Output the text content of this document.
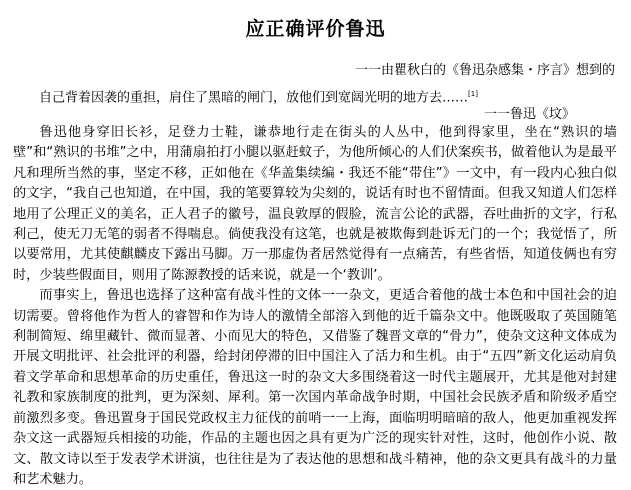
应正确评价鲁迅
一一由瞿秋白的《鲁迅杂感集・序言》想到的
自己背着因袭的重担，肩住了黑暗的闸门，放他们到宽阔光明的地方去……[1]
一一鲁迅《坟》

鲁迅他身穿旧长衫，足登力士鞋，谦恭地行走在街头的人丛中，他到得家里，坐在“熟识的墙壁”和“熟识的书堆”之中，用蒲扇拍打小腿以驱赶蚊子，为他所倾心的人们伏案疾书，做着他认为是最平凡和理所当然的事，坚定不移，正如他在《华盖集续编・我还不能“带住”》一文中，有一段内心独白似的文字，“我自己也知道，在中国，我的笔要算较为尖刻的，说话有时也不留情面。但我又知道人们怎样地用了公理正义的美名，正人君子的徽号，温良敦厚的假脸，流言公论的武器，吞吐曲折的文字，行私利己，使无刀无笔的弱者不得喘息。倘使我没有这笔，也就是被欺侮到赴诉无门的一个；我觉悟了，所以要常用，尤其使麒麟皮下露出马脚。万一那虚伪者居然觉得有一点痛苦，有些省悟，知道伎俩也有穷时，少装些假面目，则用了陈源教授的话来说，就是一个‘教训’。

而事实上，鲁迅也选择了这种富有战斗性的文体一一杂文，更适合着他的战士本色和中国社会的迫切需要。曾将他作为哲人的睿智和作为诗人的激情全部溶入到他的近千篇杂文中。他既吸取了英国随笔利制简短、绵里藏针、微而显著、小而见大的特色，又借鉴了魏晋文章的“骨力”，使杂文这种文体成为开展文明批评、社会批评的利器，给封闭停滞的旧中国注入了活力和生机。由于“五四”新文化运动肩负着文学革命和思想革命的历史重任，鲁迅这一时的杂文大多围绕着这一时代主题展开，尤其是他对封建礼教和家族制度的批判，更为深刻、犀利。第一次国内革命战争时期，中国社会民族矛盾和阶级矛盾空前激烈多变。鲁迅置身于国民党政权主力征伐的前哨一一上海，面临明明暗暗的敌人，他更加重视发挥杂文这一武器短兵相接的功能，作品的主题也因之具有更为广泛的现实针对性，这时，他创作小说、散文、散文诗以至于发表学术讲演，也往往是为了表达他的思想和战斗精神，他的杂文更具有战斗的力量和艺术魅力。
